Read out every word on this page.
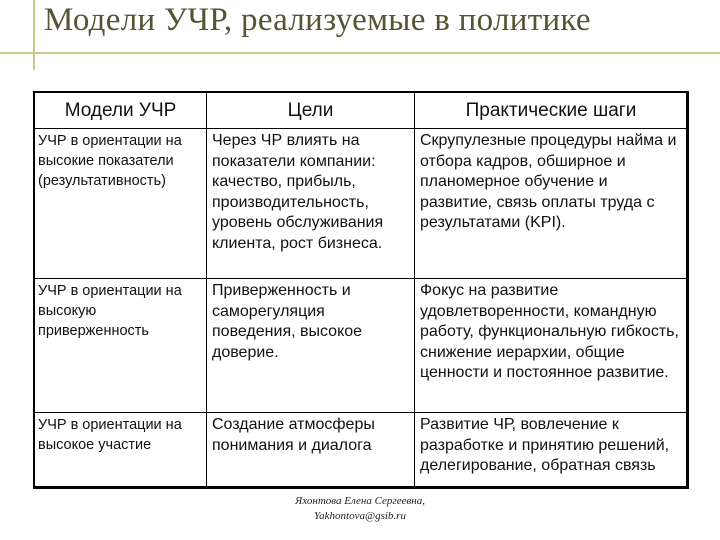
Модели УЧР, реализуемые в политике
Модели УЧР	Цели	Практические шаги
УЧР в ориентации на высокие показатели (результативность)	Через ЧР влиять на показатели компании: качество, прибыль, производительность, уровень обслуживания клиента, рост бизнеса.	Скрупулезные процедуры найма и отбора кадров, обширное и планомерное обучение и развитие, связь оплаты труда с результатами (KPI).
УЧР в ориентации на высокую приверженность	Приверженность и саморегуляция поведения, высокое доверие.	Фокус на развитие удовлетворенности, командную работу, функциональную гибкость, снижение иерархии, общие ценности и постоянное развитие.
УЧР в ориентации на высокое участие	Создание атмосферы понимания и диалога	Развитие ЧР, вовлечение к разработке и принятию решений, делегирование, обратная связь
Яхонтова Елена Сергеевна,
Yakhontova@gsib.ru
